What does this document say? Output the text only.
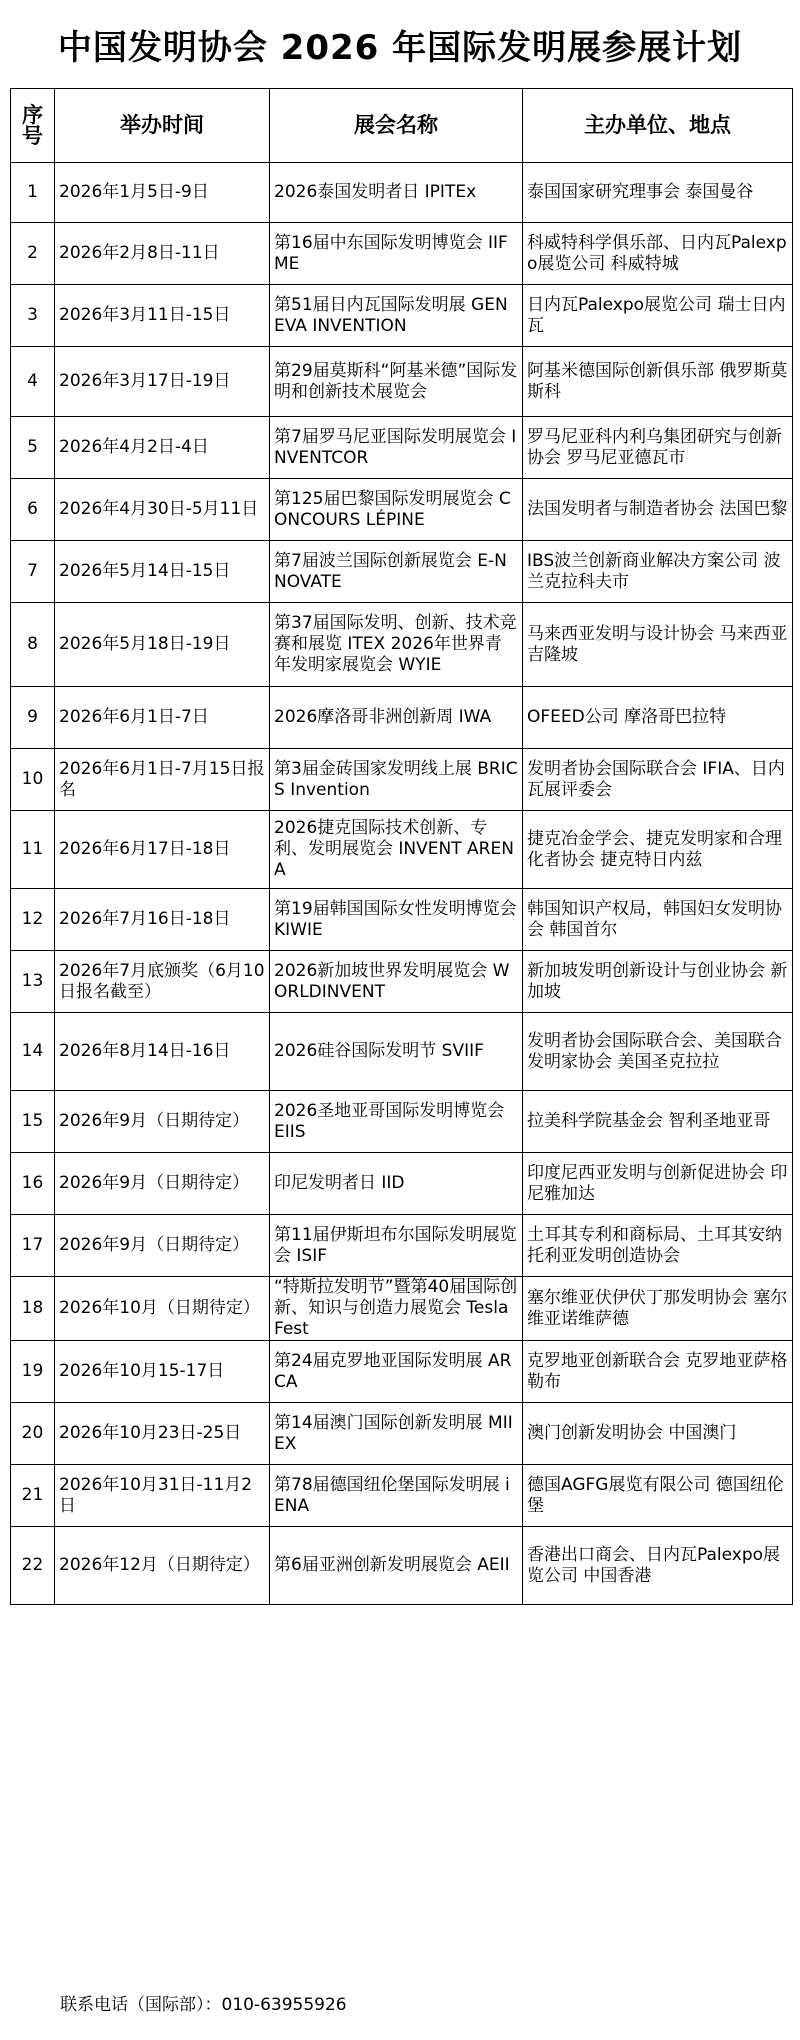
中国发明协会 2026 年国际发明展参展计划
序号	举办时间	展会名称	主办单位、地点
1	2026年1月5日-9日	2026泰国发明者日 IPITEx	泰国国家研究理事会 泰国曼谷
2	2026年2月8日-11日	第16届中东国际发明博览会 IIFME	科威特科学俱乐部、日内瓦Palexpo展览公司 科威特城
3	2026年3月11日-15日	第51届日内瓦国际发明展 GENEVA INVENTION	日内瓦Palexpo展览公司 瑞士日内瓦
4	2026年3月17日-19日	第29届莫斯科“阿基米德”国际发明和创新技术展览会	阿基米德国际创新俱乐部 俄罗斯莫斯科
5	2026年4月2日-4日	第7届罗马尼亚国际发明展览会 INVENTCOR	罗马尼亚科内利乌集团研究与创新协会 罗马尼亚德瓦市
6	2026年4月30日-5月11日	第125届巴黎国际发明展览会 CONCOURS LÉPINE	法国发明者与制造者协会 法国巴黎
7	2026年5月14日-15日	第7届波兰国际创新展览会 E-NNOVATE	IBS波兰创新商业解决方案公司 波兰克拉科夫市
8	2026年5月18日-19日	第37届国际发明、创新、技术竞赛和展览 ITEX 2026年世界青年发明家展览会 WYIE	马来西亚发明与设计协会 马来西亚吉隆坡
9	2026年6月1日-7日	2026摩洛哥非洲创新周 IWA	OFEED公司 摩洛哥巴拉特
10	2026年6月1日-7月15日报名	第3届金砖国家发明线上展 BRICS Invention	发明者协会国际联合会 IFIA、日内瓦展评委会
11	2026年6月17日-18日	2026捷克国际技术创新、专利、发明展览会 INVENT ARENA	捷克冶金学会、捷克发明家和合理化者协会 捷克特日内兹
12	2026年7月16日-18日	第19届韩国国际女性发明博览会 KIWIE	韩国知识产权局，韩国妇女发明协会 韩国首尔
13	2026年7月底颁奖（6月10日报名截至）	2026新加坡世界发明展览会 WORLDINVENT	新加坡发明创新设计与创业协会 新加坡
14	2026年8月14日-16日	2026硅谷国际发明节 SVIIF	发明者协会国际联合会、美国联合发明家协会 美国圣克拉拉
15	2026年9月（日期待定）	2026圣地亚哥国际发明博览会 EIIS	拉美科学院基金会 智利圣地亚哥
16	2026年9月（日期待定）	印尼发明者日 IID	印度尼西亚发明与创新促进协会 印尼雅加达
17	2026年9月（日期待定）	第11届伊斯坦布尔国际发明展览会 ISIF	土耳其专利和商标局、土耳其安纳托利亚发明创造协会
18	2026年10月（日期待定）	“特斯拉发明节”暨第40届国际创新、知识与创造力展览会 TeslaFest	塞尔维亚伏伊伏丁那发明协会 塞尔维亚诺维萨德
19	2026年10月15-17日	第24届克罗地亚国际发明展 ARCA	克罗地亚创新联合会 克罗地亚萨格勒布
20	2026年10月23日-25日	第14届澳门国际创新发明展 MIIEX	澳门创新发明协会 中国澳门
21	2026年10月31日-11月2日	第78届德国纽伦堡国际发明展 iENA	德国AGFG展览有限公司 德国纽伦堡
22	2026年12月（日期待定）	第6届亚洲创新发明展览会 AEII	香港出口商会、日内瓦Palexpo展览公司 中国香港
联系电话（国际部）：010-63955926
